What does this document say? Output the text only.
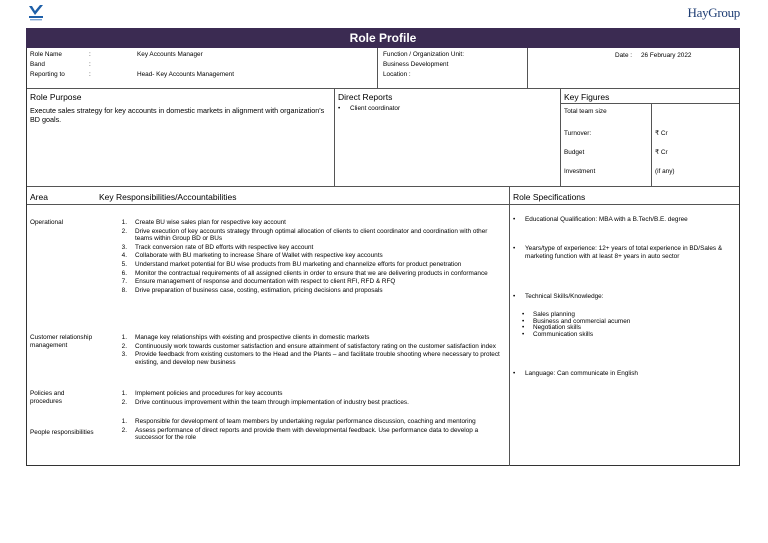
HayGroup
Role Profile
Role Name	:	Key Accounts Manager
Band	:
Reporting to	:	Head- Key Accounts Management
Function / Organization Unit:
Business Development
Location :
Date : 26 February 2022
Role Purpose
Execute sales strategy for key accounts in domestic markets in alignment with organization's BD goals.
Direct Reports
• Client coordinator
Key Figures
Total team size
Turnover:	₹ Cr
Budget	₹ Cr
Investment	(if any)
Area	Key Responsibilities/Accountabilities	Role Specifications
Operational	1. Create BU wise sales plan for respective key account
2. Drive execution of key accounts strategy through optimal allocation of clients to client coordinator and coordination with other teams within Group BD or BUs
3. Track conversion rate of BD efforts with respective key account
4. Collaborate with BU marketing to increase Share of Wallet with respective key accounts
5. Understand market potential for BU wise products from BU marketing and channelize efforts for product penetration
6. Monitor the contractual requirements of all assigned clients in order to ensure that we are delivering products in conformance
7. Ensure management of response and documentation with respect to client RFI, RFD & RFQ
8. Drive preparation of business case, costing, estimation, pricing decisions and proposals
Customer relationship management
1. Manage key relationships with existing and prospective clients in domestic markets
2. Continuously work towards customer satisfaction and ensure attainment of satisfactory rating on the customer satisfaction index
3. Provide feedback from existing customers to the Head and the Plants – and facilitate trouble shooting where necessary to protect existing, and develop new business
Policies and procedures
1. Implement policies and procedures for key accounts
2. Drive continuous improvement within the team through implementation of industry best practices.
People responsibilities
1. Responsible for development of team members by undertaking regular performance discussion, coaching and mentoring
2. Assess performance of direct reports and provide them with developmental feedback. Use performance data to develop a successor for the role
• Educational Qualification: MBA with a B.Tech/B.E. degree
• Years/type of experience: 12+ years of total experience in BD/Sales & marketing function with at least 8+ years in auto sector
• Technical Skills/Knowledge:
• Sales planning
• Business and commercial acumen
• Negotiation skills
• Communication skills
• Language: Can communicate in English
